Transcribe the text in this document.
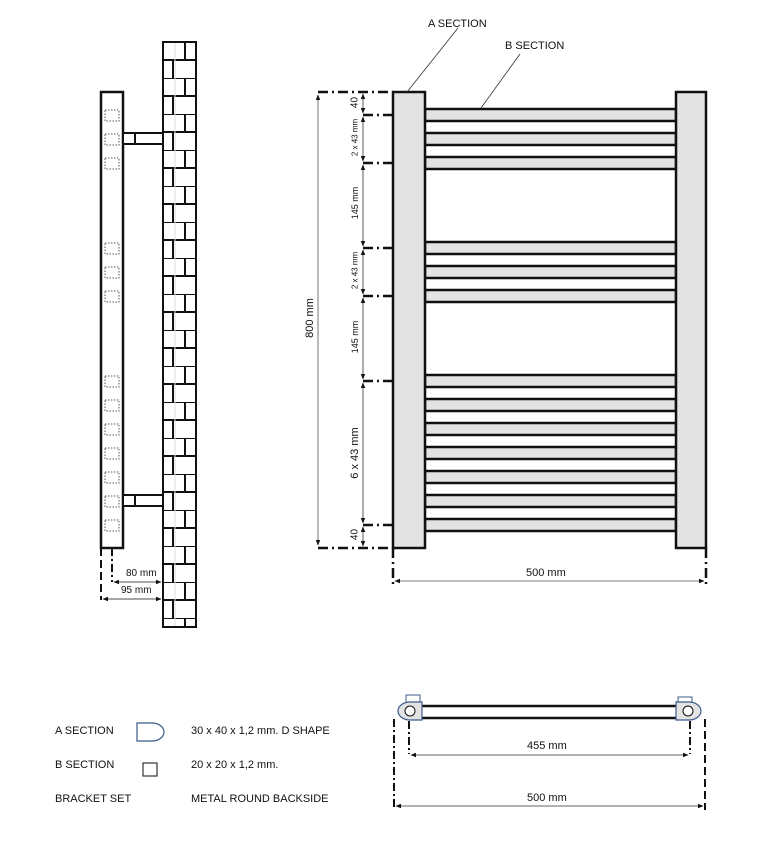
A SECTION
B SECTION
80 mm
95 mm
800 mm
40
2 x 43 mm
145 mm
2 x 43 mm
145 mm
6 x 43 mm
40
500 mm
455 mm
500 mm
A SECTION	30 x 40 x 1,2 mm. D SHAPE
B SECTION	20 x 20 x 1,2 mm.
BRACKET SET	METAL ROUND BACKSIDE
